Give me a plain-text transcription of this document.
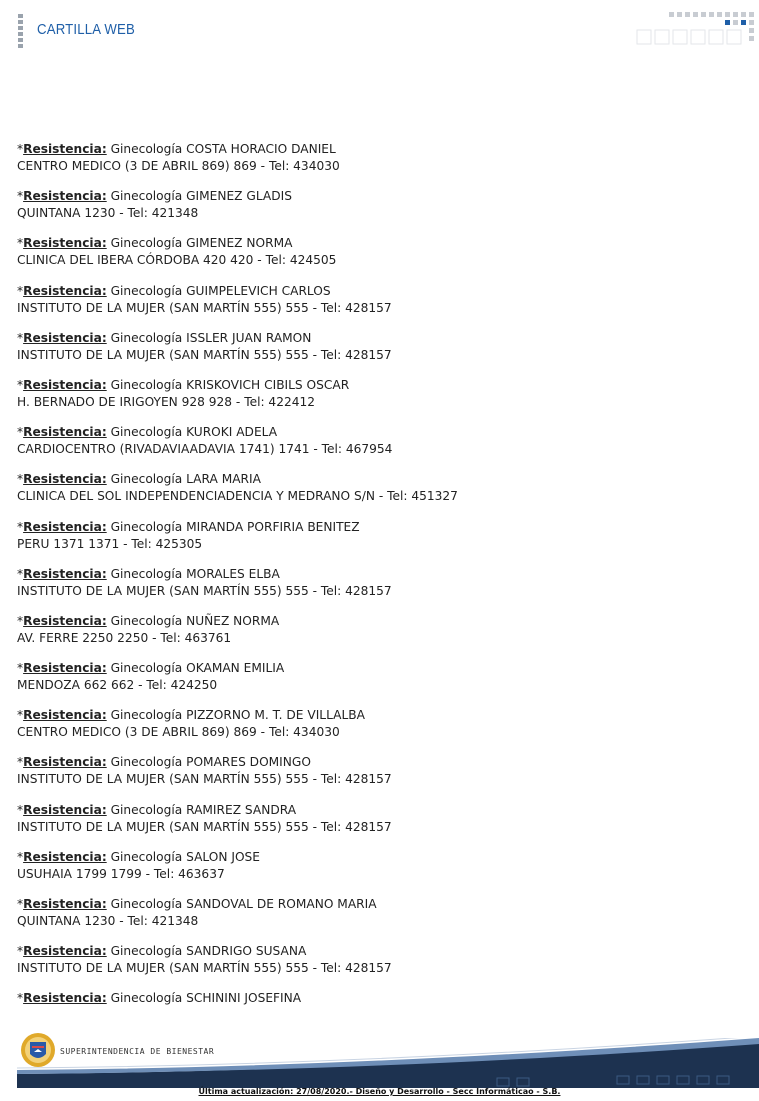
CARTILLA WEB
*Resistencia: Ginecología COSTA HORACIO DANIEL
CENTRO MEDICO (3 DE ABRIL 869) 869 - Tel: 434030
*Resistencia: Ginecología GIMENEZ GLADIS
QUINTANA 1230 - Tel: 421348
*Resistencia: Ginecología GIMENEZ NORMA
CLINICA DEL IBERA CÓRDOBA 420 420 - Tel: 424505
*Resistencia: Ginecología GUIMPELEVICH CARLOS
INSTITUTO DE LA MUJER (SAN MARTÍN 555) 555 - Tel: 428157
*Resistencia: Ginecología ISSLER JUAN RAMON
INSTITUTO DE LA MUJER (SAN MARTÍN 555) 555 - Tel: 428157
*Resistencia: Ginecología KRISKOVICH CIBILS OSCAR
H. BERNADO DE IRIGOYEN 928 928 - Tel: 422412
*Resistencia: Ginecología KUROKI ADELA
CARDIOCENTRO (RIVADAVIAADAVIA 1741) 1741 - Tel: 467954
*Resistencia: Ginecología LARA MARIA
CLINICA DEL SOL INDEPENDENCIADENCIA Y MEDRANO S/N - Tel: 451327
*Resistencia: Ginecología MIRANDA PORFIRIA BENITEZ
PERU 1371 1371 - Tel: 425305
*Resistencia: Ginecología MORALES ELBA
INSTITUTO DE LA MUJER (SAN MARTÍN 555) 555 - Tel: 428157
*Resistencia: Ginecología NUÑEZ NORMA
AV. FERRE 2250 2250 - Tel: 463761
*Resistencia: Ginecología OKAMAN EMILIA
MENDOZA 662 662 - Tel: 424250
*Resistencia: Ginecología PIZZORNO M. T. DE VILLALBA
CENTRO MEDICO (3 DE ABRIL 869) 869 - Tel: 434030
*Resistencia: Ginecología POMARES DOMINGO
INSTITUTO DE LA MUJER (SAN MARTÍN 555) 555 - Tel: 428157
*Resistencia: Ginecología RAMIREZ SANDRA
INSTITUTO DE LA MUJER (SAN MARTÍN 555) 555 - Tel: 428157
*Resistencia: Ginecología SALON JOSE
USUHAIA 1799 1799 - Tel: 463637
*Resistencia: Ginecología SANDOVAL DE ROMANO MARIA
QUINTANA 1230 - Tel: 421348
*Resistencia: Ginecología SANDRIGO SUSANA
INSTITUTO DE LA MUJER (SAN MARTÍN 555) 555 - Tel: 428157
*Resistencia: Ginecología SCHININI JOSEFINA
SUPERINTENDENCIA DE BIENESTAR
Última actualización: 27/08/2020.- Diseño y Desarrollo - Secc Informáticao - S.B.
